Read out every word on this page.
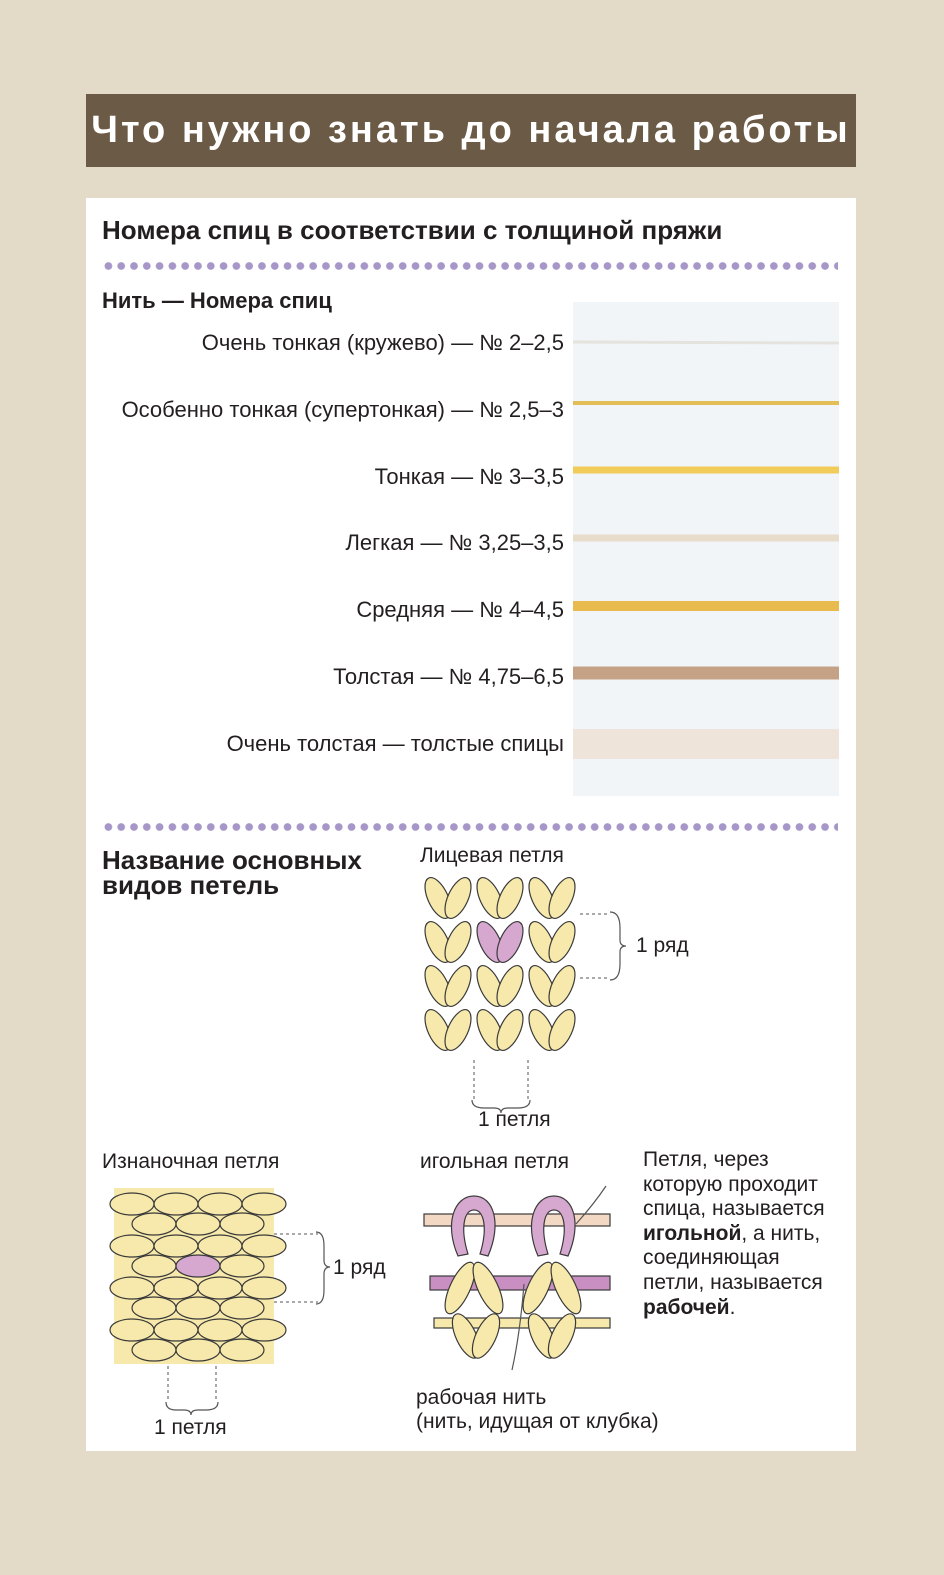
Что нужно знать до начала работы
Номера спиц в соответствии с толщиной пряжи
Нить — Номера спиц
Очень тонкая (кружево) — № 2–2,5
Особенно тонкая (супертонкая) — № 2,5–3
Тонкая — № 3–3,5
Легкая — № 3,25–3,5
Средняя — № 4–4,5
Толстая — № 4,75–6,5
Очень толстая — толстые спицы
Название основных
видов петель
Лицевая петля
1 ряд
1 петля
Изнаночная петля
1 ряд
1 петля
игольная петля
рабочая нить
(нить, идущая от клубка)
Петля, через которую проходит спица, называется игольной, а нить, соединяющая петли, называется рабочей.
